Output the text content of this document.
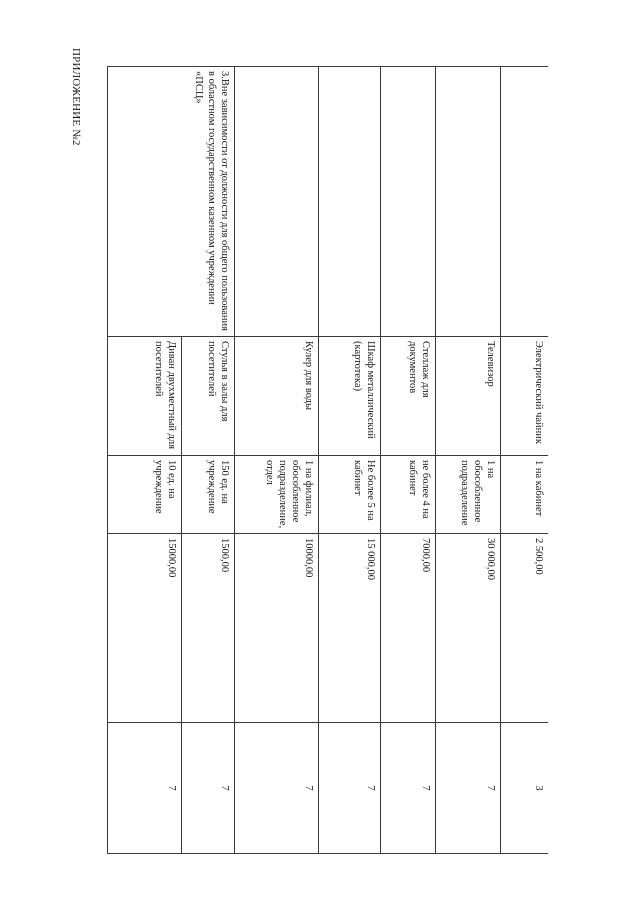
ПРИЛОЖЕНИЕ №2
	Электрический чайник	1 на кабинет	2 500,00	3
	Телевизор	1 на обособленное подразделение	30 000,00	7
	Стеллаж для документов	не более 4 на кабинет	7000,00	7
	Шкаф металлический (картотека)	Не более 5 на кабинет	15 000,00	7
	Кулер для воды	1 на филиал, обособленное подразделение, отдел	10000,00	7
3.Вне зависимости от должности для общего пользования в областном государственном казенном учреждении «ПСЦ»	Стулья в залы для посетителей	150 ед. на учреждение	1500,00	7
	Диван двухместный для посетителей	10 ед. на учреждение	15000,00	7
